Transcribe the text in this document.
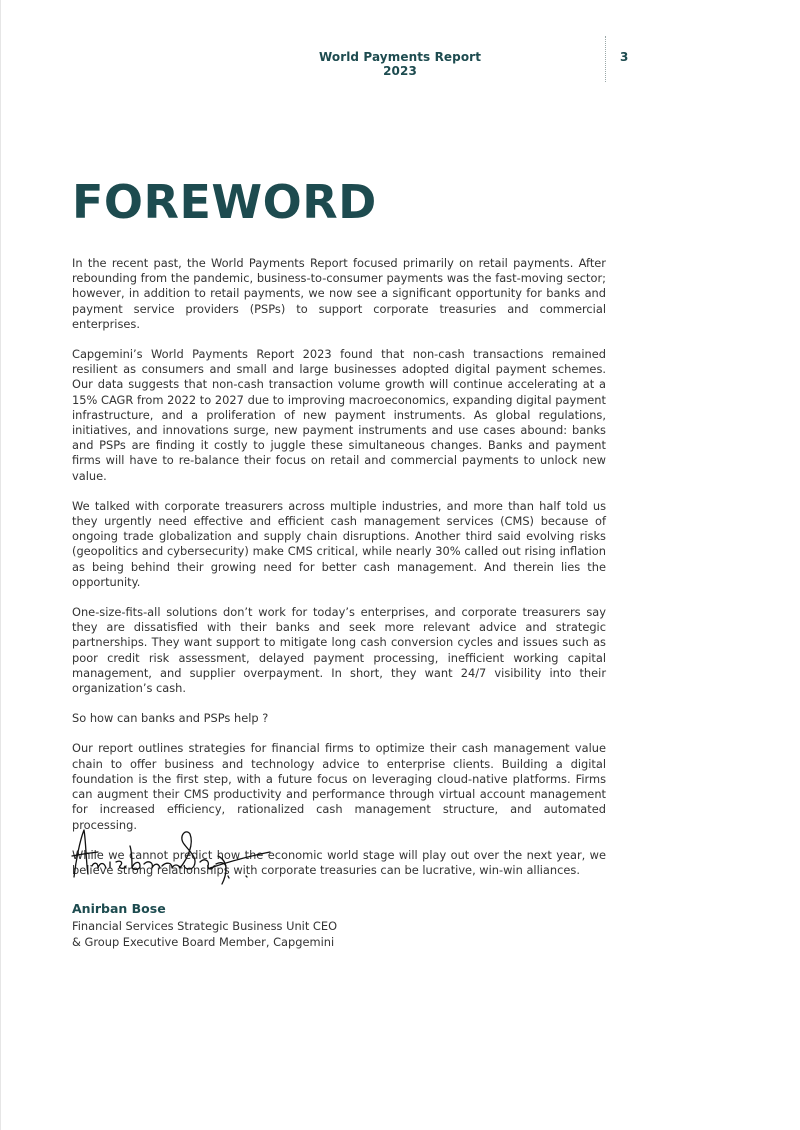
World Payments Report 2023
3
FOREWORD

In the recent past, the World Payments Report focused primarily on retail payments. After rebounding from the pandemic, business-to-consumer payments was the fast-moving sector; however, in addition to retail payments, we now see a significant opportunity for banks and payment service providers (PSPs) to support corporate treasuries and commercial enterprises.

Capgemini’s World Payments Report 2023 found that non-cash transactions remained resilient as consumers and small and large businesses adopted digital payment schemes. Our data suggests that non-cash transaction volume growth will continue accelerating at a 15% CAGR from 2022 to 2027 due to improving macroeconomics, expanding digital payment infrastructure, and a proliferation of new payment instruments. As global regulations, initiatives, and innovations surge, new payment instruments and use cases abound: banks and PSPs are finding it costly to juggle these simultaneous changes. Banks and payment firms will have to re-balance their focus on retail and commercial payments to unlock new value.

We talked with corporate treasurers across multiple industries, and more than half told us they urgently need effective and efficient cash management services (CMS) because of ongoing trade globalization and supply chain disruptions. Another third said evolving risks (geopolitics and cybersecurity) make CMS critical, while nearly 30% called out rising inflation as being behind their growing need for better cash management. And therein lies the opportunity.

One-size-fits-all solutions don’t work for today’s enterprises, and corporate treasurers say they are dissatisfied with their banks and seek more relevant advice and strategic partnerships. They want support to mitigate long cash conversion cycles and issues such as poor credit risk assessment, delayed payment processing, inefficient working capital management, and supplier overpayment. In short, they want 24/7 visibility into their organization’s cash.

So how can banks and PSPs help ?

Our report outlines strategies for financial firms to optimize their cash management value chain to offer business and technology advice to enterprise clients. Building a digital foundation is the first step, with a future focus on leveraging cloud-native platforms. Firms can augment their CMS productivity and performance through virtual account management for increased efficiency, rationalized cash management structure, and automated processing.

While we cannot predict how the economic world stage will play out over the next year, we believe strong relationships with corporate treasuries can be lucrative, win-win alliances.

Anirban Bose
Financial Services Strategic Business Unit CEO
& Group Executive Board Member, Capgemini
